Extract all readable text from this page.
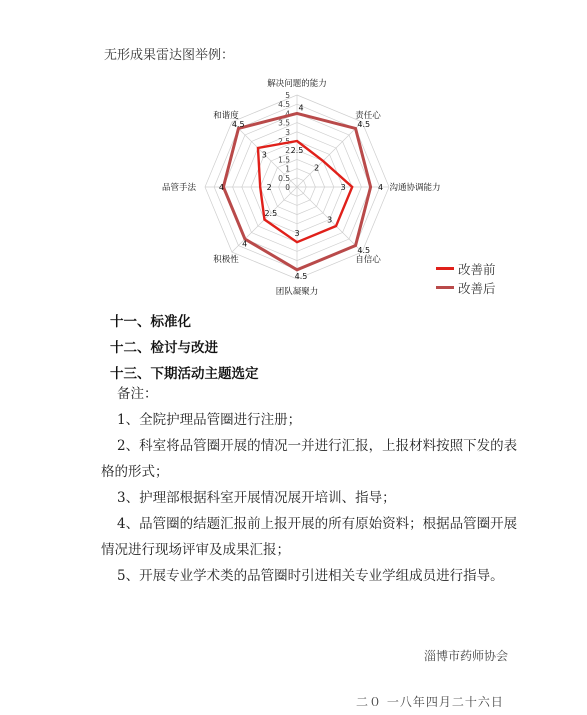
无形成果雷达图举例：
0
0.5
1
1.5
2
2.5
3
3.5
4
4.5
5
2.5
2
3
3
3
2.5
2
3
4
4.5
4
4.5
4.5
4
4
4.5
解决问题的能力
责任心
沟通协调能力
自信心
团队凝聚力
积极性
品管手法
和谐度
改善前
改善后
十一、标准化
十二、检讨与改进
十三、下期活动主题选定
备注：
1、全院护理品管圈进行注册；
2、科室将品管圈开展的情况一并进行汇报，上报材料按照下发的表格的形式；
3、护理部根据科室开展情况展开培训、指导；
4、品管圈的结题汇报前上报开展的所有原始资料；根据品管圈开展情况进行现场评审及成果汇报；
5、开展专业学术类的品管圈时引进相关专业学组成员进行指导。
淄博市药师协会
二０ 一八年四月二十六日
